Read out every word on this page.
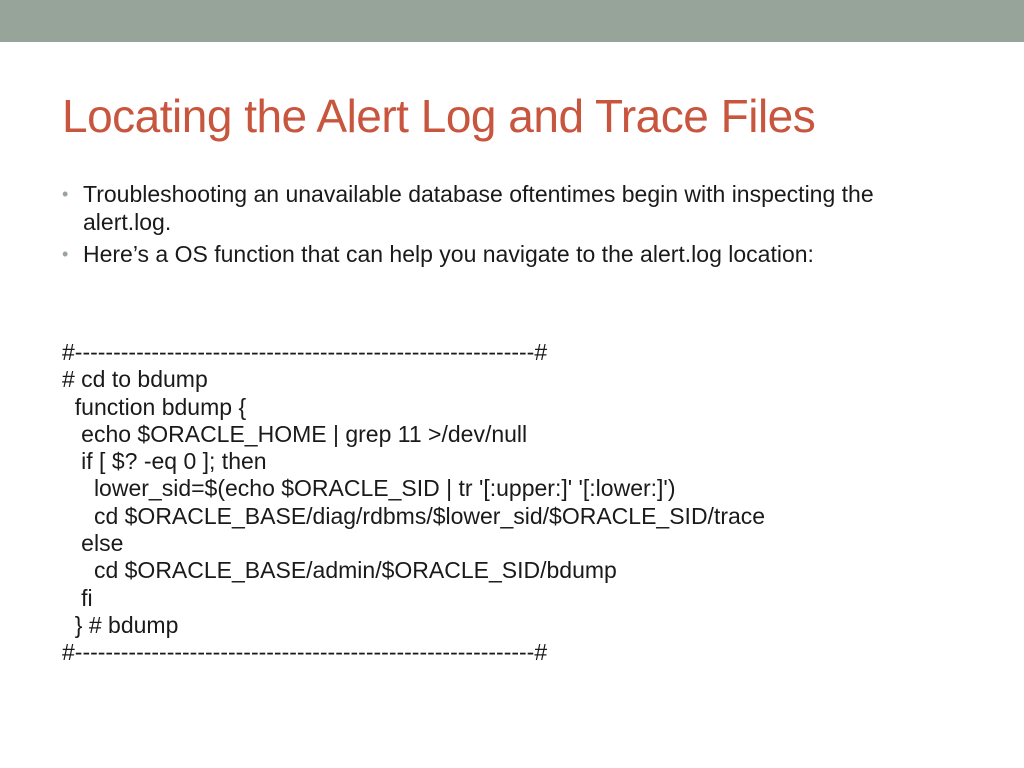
Locating the Alert Log and Trace Files
• Troubleshooting an unavailable database oftentimes begin with inspecting the alert.log.
• Here’s a OS function that can help you navigate to the alert.log location:
#------------------------------------------------------------#
# cd to bdump
function bdump {
echo $ORACLE_HOME | grep 11 >/dev/null
if [ $? -eq 0 ]; then
lower_sid=$(echo $ORACLE_SID | tr '[:upper:]' '[:lower:]')
cd $ORACLE_BASE/diag/rdbms/$lower_sid/$ORACLE_SID/trace
else
cd $ORACLE_BASE/admin/$ORACLE_SID/bdump
fi
} # bdump
#------------------------------------------------------------#
